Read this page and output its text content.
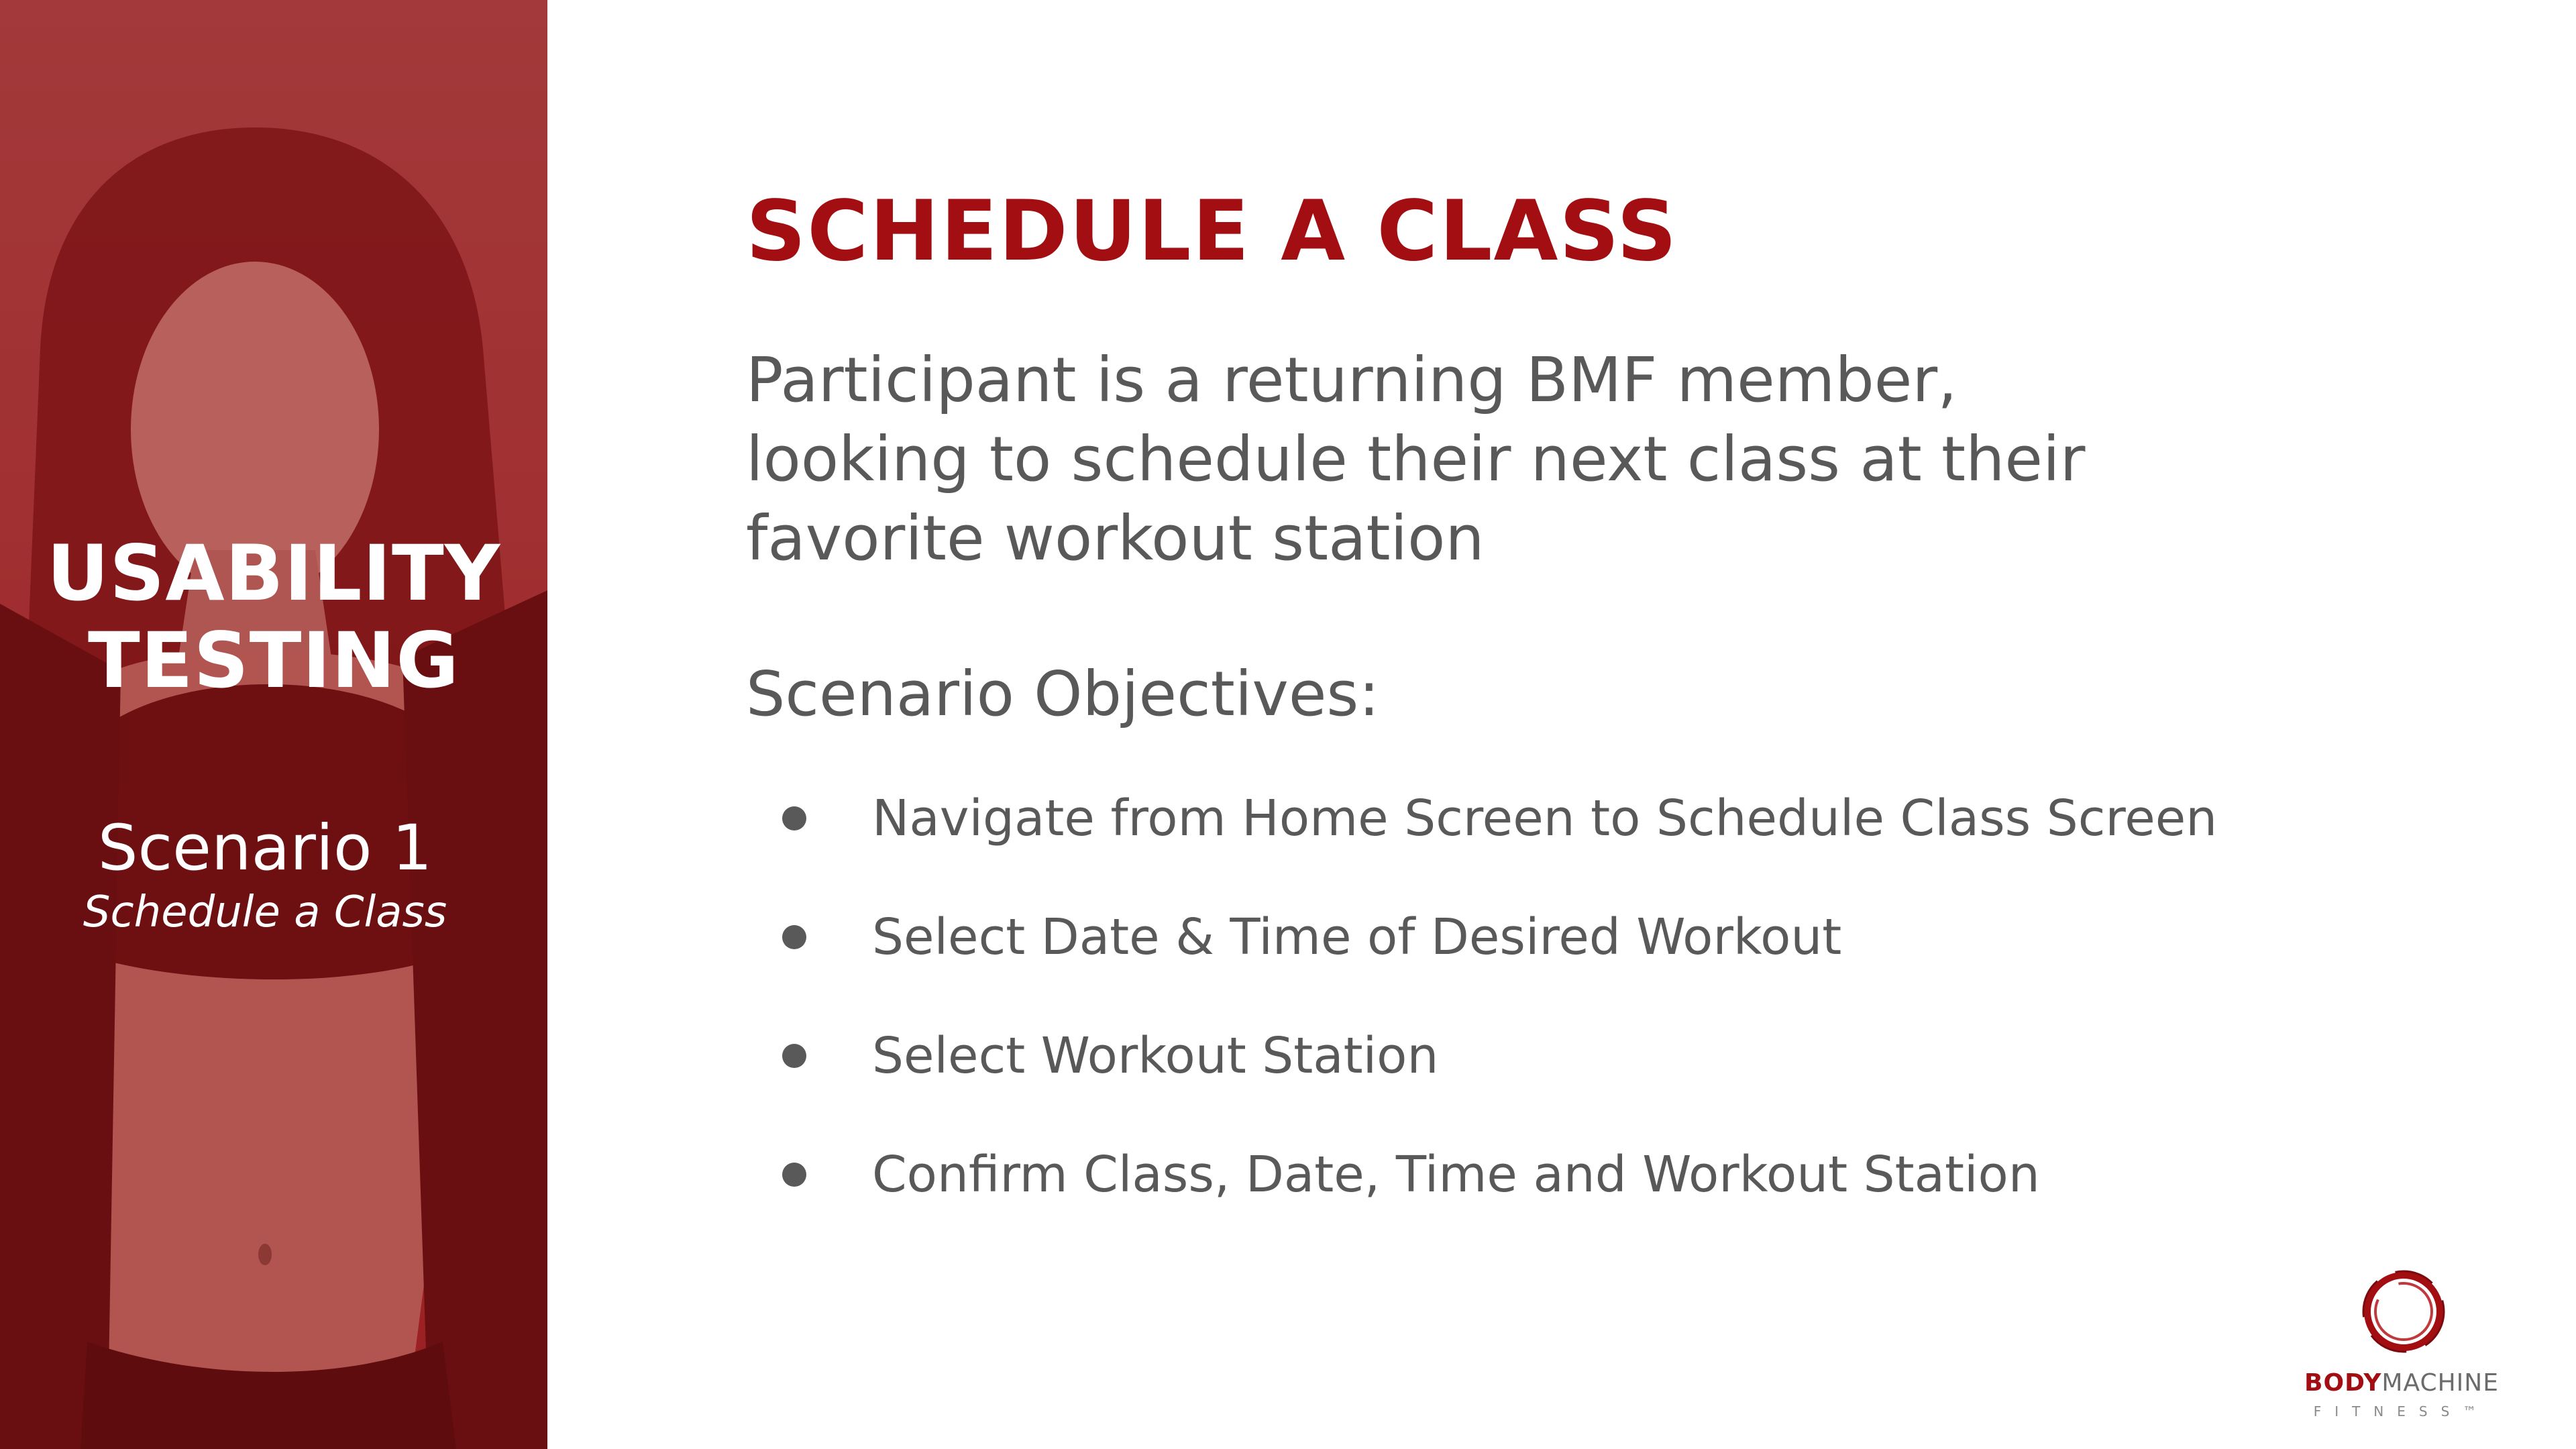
USABILITY
TESTING
Scenario 1
Schedule a Class
SCHEDULE A CLASS
Participant is a returning BMF member,
looking to schedule their next class at their
favorite workout station
Scenario Objectives:
Navigate from Home Screen to Schedule Class Screen
Select Date & Time of Desired Workout
Select Workout Station
Confirm Class, Date, Time and Workout Station
BODYMACHINE
FITNESS™
